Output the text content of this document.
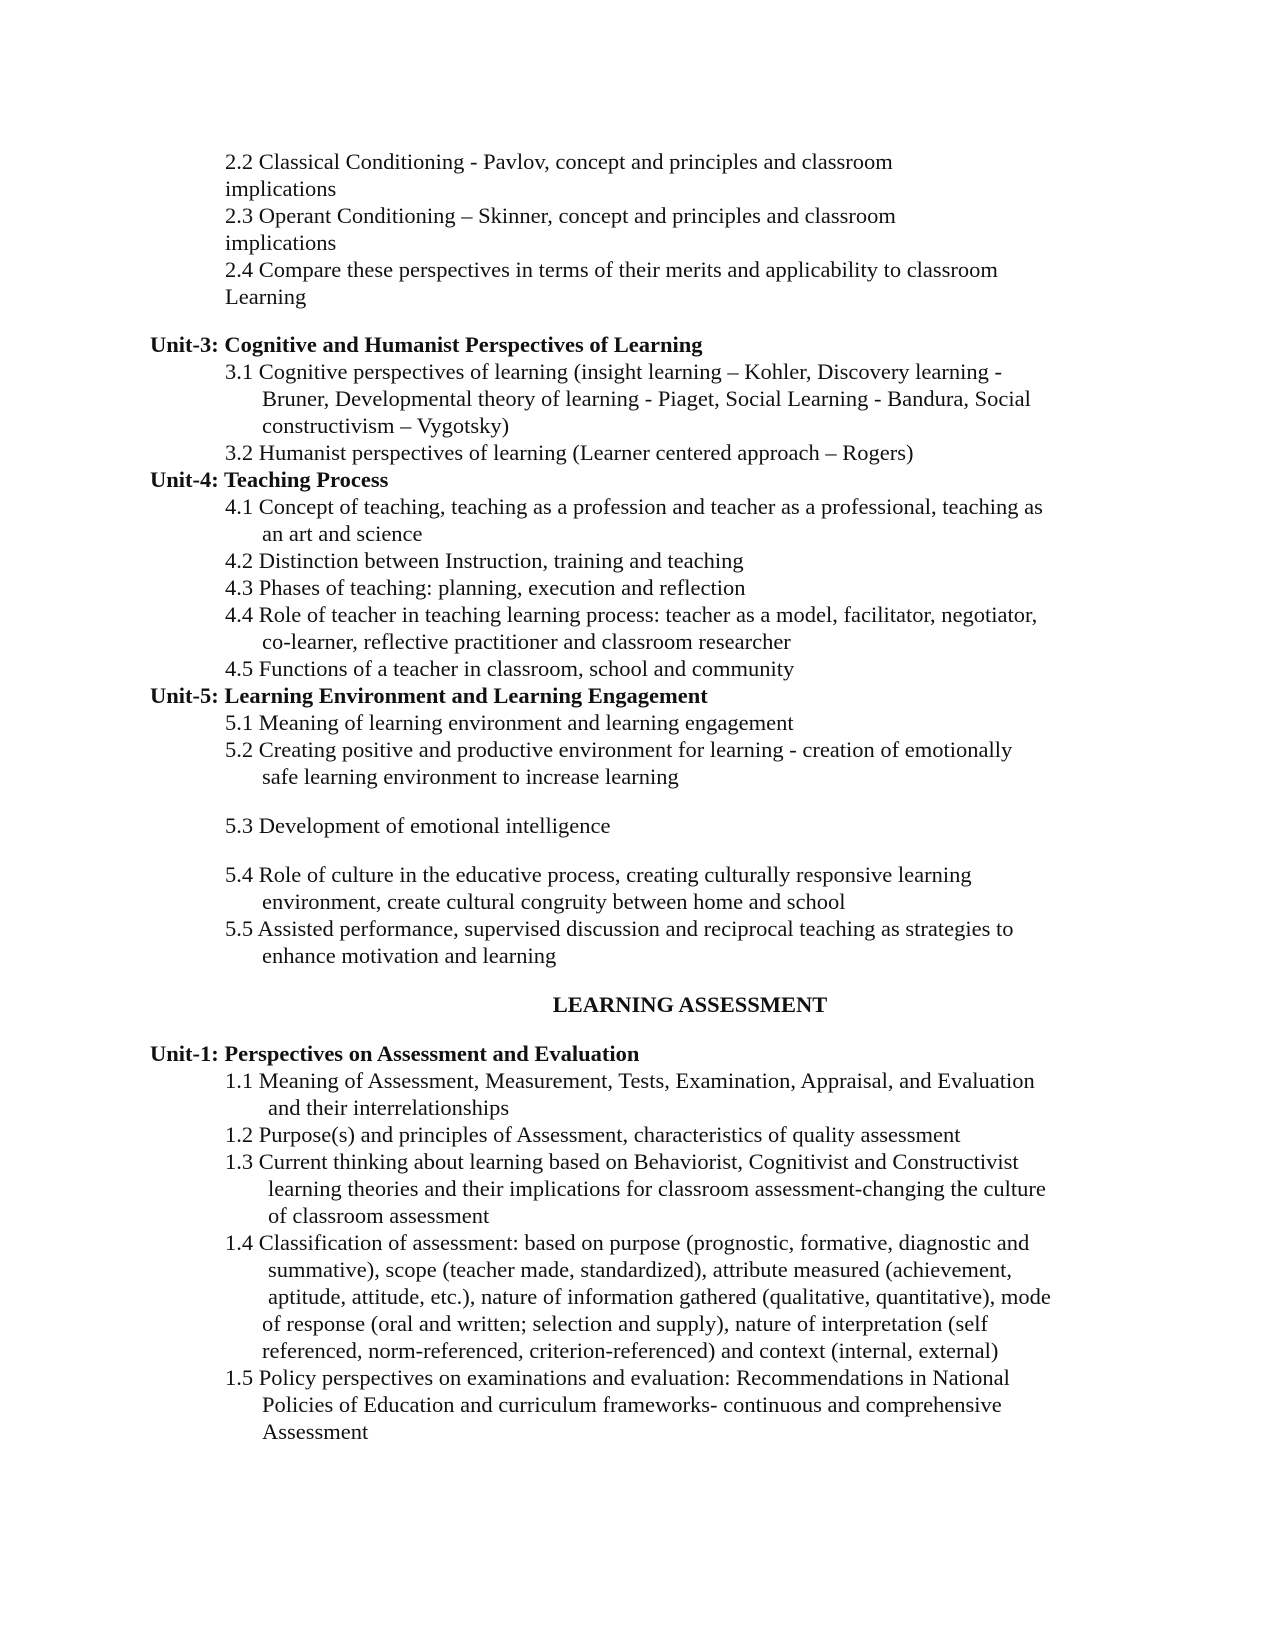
2.2 Classical Conditioning - Pavlov, concept and principles and classroom

implications

2.3 Operant Conditioning – Skinner, concept and principles and classroom

implications

2.4 Compare these perspectives in terms of their merits and applicability to classroom

Learning

Unit-3: Cognitive and Humanist Perspectives of Learning

3.1 Cognitive perspectives of learning (insight learning – Kohler, Discovery learning -

Bruner, Developmental theory of learning - Piaget, Social Learning - Bandura, Social

constructivism – Vygotsky)

3.2 Humanist perspectives of learning (Learner centered approach – Rogers)

Unit-4: Teaching Process

4.1 Concept of teaching, teaching as a profession and teacher as a professional, teaching as

an art and science

4.2 Distinction between Instruction, training and teaching

4.3 Phases of teaching: planning, execution and reflection

4.4 Role of teacher in teaching learning process: teacher as a model, facilitator, negotiator,

co-learner, reflective practitioner and classroom researcher

4.5 Functions of a teacher in classroom, school and community

Unit-5: Learning Environment and Learning Engagement

5.1 Meaning of learning environment and learning engagement

5.2 Creating positive and productive environment for learning - creation of emotionally

safe learning environment to increase learning

5.3 Development of emotional intelligence

5.4 Role of culture in the educative process, creating culturally responsive learning

environment, create cultural congruity between home and school

5.5 Assisted performance, supervised discussion and reciprocal teaching as strategies to

enhance motivation and learning

LEARNING ASSESSMENT

Unit-1: Perspectives on Assessment and Evaluation

1.1 Meaning of Assessment, Measurement, Tests, Examination, Appraisal, and Evaluation

and their interrelationships

1.2 Purpose(s) and principles of Assessment, characteristics of quality assessment

1.3 Current thinking about learning based on Behaviorist, Cognitivist and Constructivist

learning theories and their implications for classroom assessment-changing the culture

of classroom assessment

1.4 Classification of assessment: based on purpose (prognostic, formative, diagnostic and

summative), scope (teacher made, standardized), attribute measured (achievement,

aptitude, attitude, etc.), nature of information gathered (qualitative, quantitative), mode

of response (oral and written; selection and supply), nature of interpretation (self

referenced, norm-referenced, criterion-referenced) and context (internal, external)

1.5 Policy perspectives on examinations and evaluation: Recommendations in National

Policies of Education and curriculum frameworks- continuous and comprehensive

Assessment
